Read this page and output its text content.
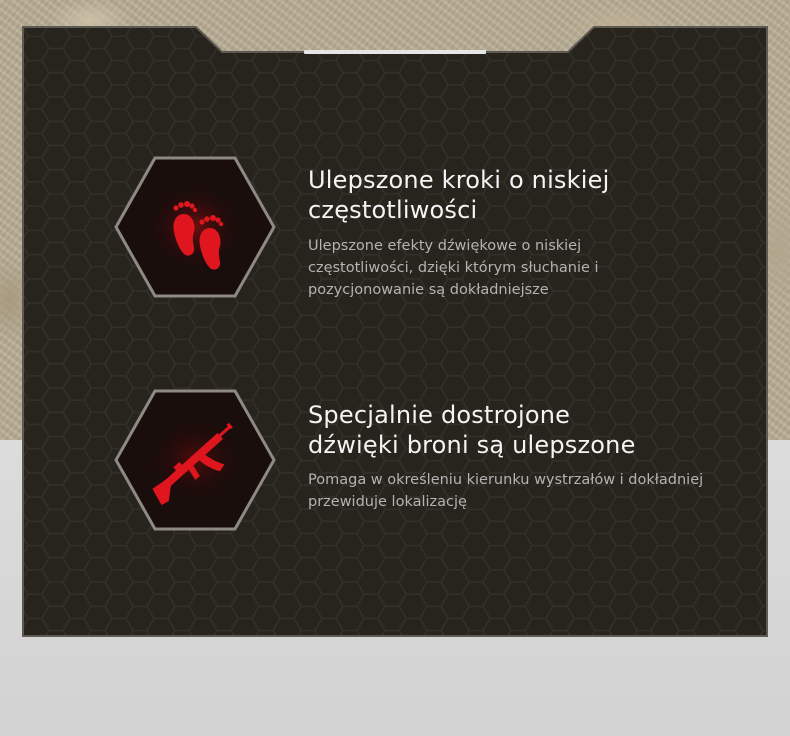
Ulepszone kroki o niskiej
częstotliwości
Ulepszone efekty dźwiękowe o niskiej
częstotliwości, dzięki którym słuchanie i
pozycjonowanie są dokładniejsze
Specjalnie dostrojone
dźwięki broni są ulepszone
Pomaga w określeniu kierunku wystrzałów i dokładniej
przewiduje lokalizację
